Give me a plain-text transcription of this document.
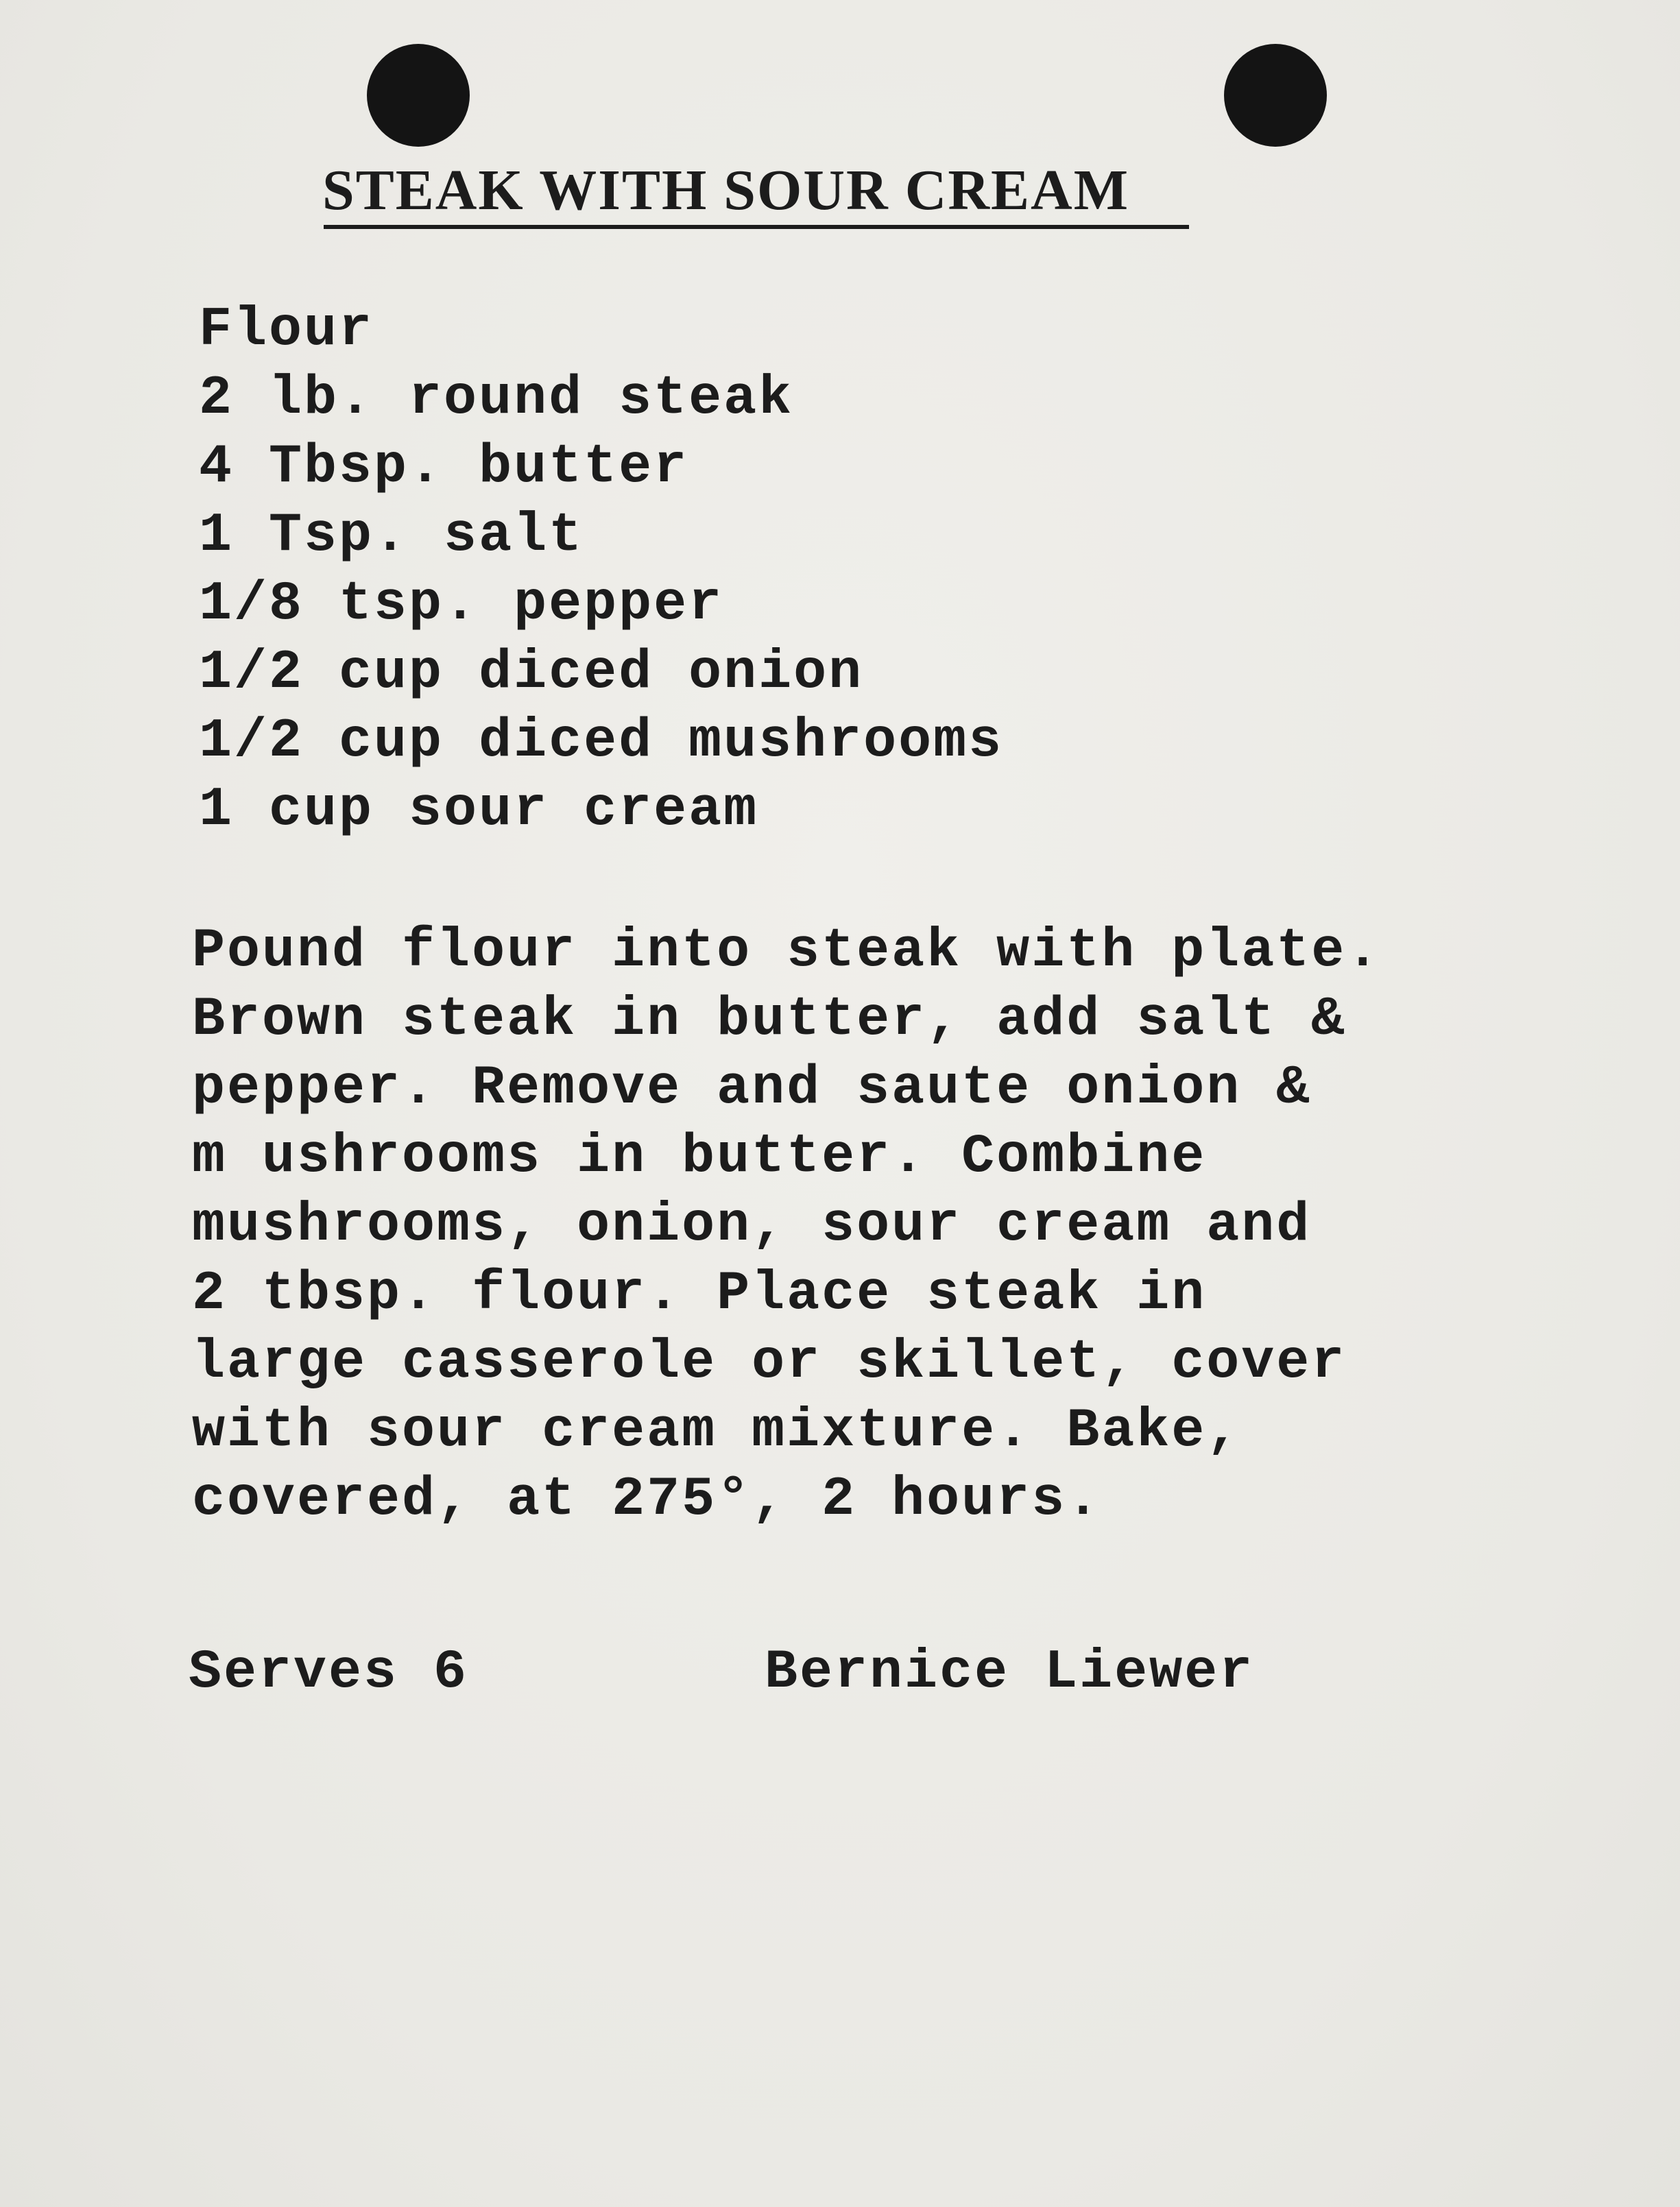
STEAK WITH SOUR CREAM
Flour
2 lb. round steak
4 Tbsp. butter
1 Tsp. salt
1/8 tsp. pepper
1/2 cup diced onion
1/2 cup diced mushrooms
1 cup sour cream
Pound flour into steak with plate.
Brown steak in butter, add salt &
pepper. Remove and saute onion &
m ushrooms in butter. Combine
mushrooms, onion, sour cream and
2 tbsp. flour. Place steak in
large casserole or skillet, cover
with sour cream mixture. Bake,
covered, at 275°, 2 hours.
Serves 6	Bernice Liewer
